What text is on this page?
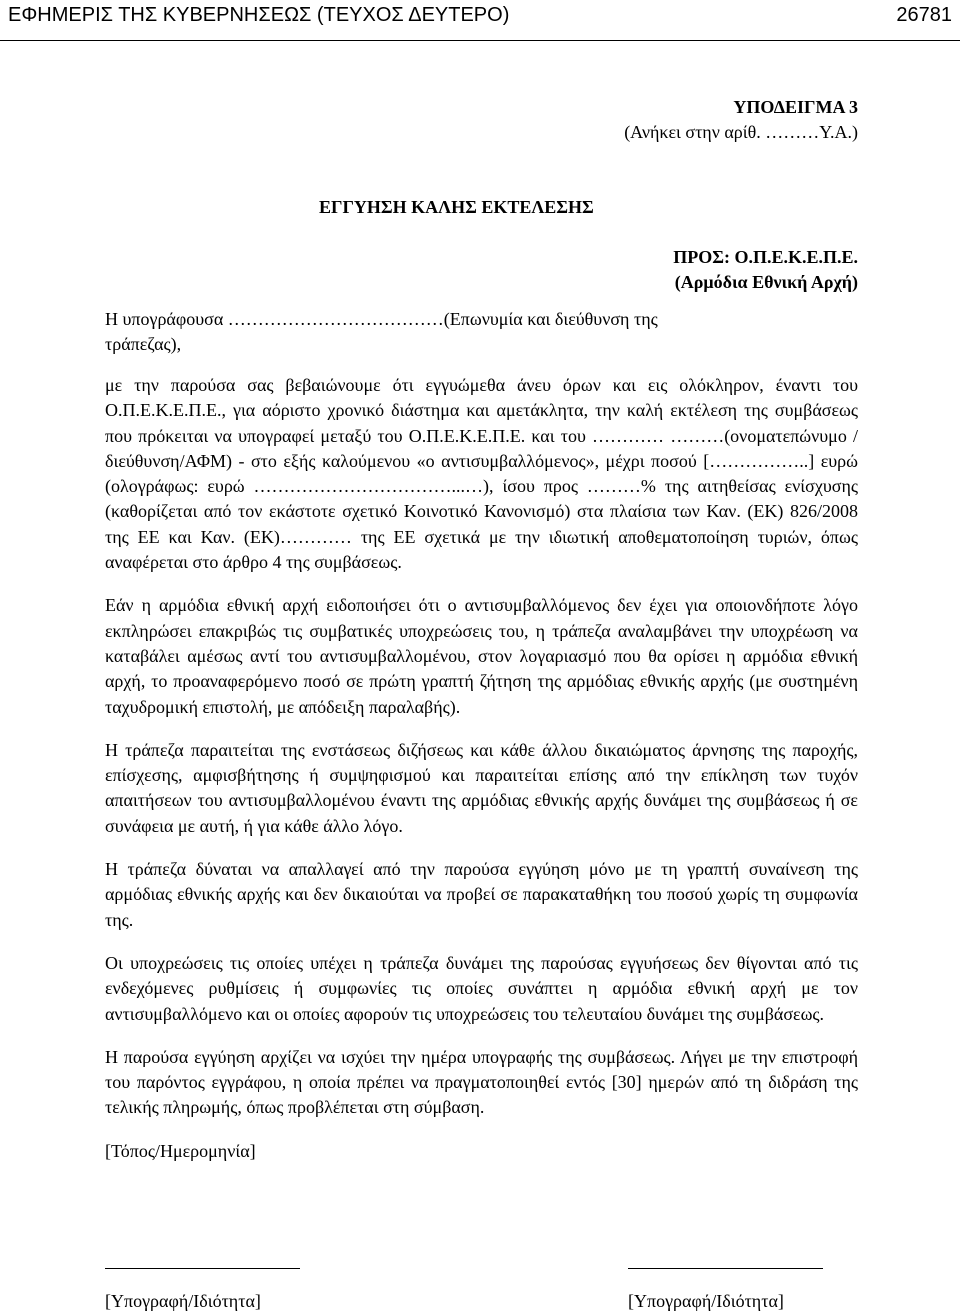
ΕΦΗΜΕΡΙΣ ΤΗΣ ΚΥΒΕΡΝΗΣΕΩΣ (ΤΕΥΧΟΣ ΔΕΥΤΕΡΟ)	26781
ΥΠΟΔΕΙΓΜΑ 3
(Ανήκει στην αρίθ. ………Υ.Α.)
ΕΓΓΥΗΣΗ ΚΑΛΗΣ ΕΚΤΕΛΕΣΗΣ
ΠΡΟΣ: Ο.Π.Ε.Κ.Ε.Π.Ε.
(Αρμόδια Εθνική Αρχή)
Η υπογράφουσα ………………………………(Επωνυμία και διεύθυνση της
τράπεζας),

με την παρούσα σας βεβαιώνουμε ότι εγγυώμεθα άνευ όρων και εις ολόκληρον, έναντι του Ο.Π.Ε.Κ.Ε.Π.Ε., για αόριστο χρονικό διάστημα και αμετάκλητα, την καλή εκτέλεση της συμβάσεως που πρόκειται να υπογραφεί μεταξύ του Ο.Π.Ε.Κ.Ε.Π.Ε. και του ………… ………(ονοματεπώνυμο / διεύθυνση/ΑΦΜ) - στο εξής καλούμενου «ο αντισυμβαλλόμενος», μέχρι ποσού [……………..] ευρώ (ολογράφως: ευρώ ……………………………...…), ίσου προς ………% της αιτηθείσας ενίσχυσης (καθορίζεται από τον εκάστοτε σχετικό Κοινοτικό Κανονισμό) στα πλαίσια των Καν. (ΕΚ) 826/2008 της ΕΕ και Καν. (ΕΚ)………… της ΕΕ σχετικά με την ιδιωτική αποθεματοποίηση τυριών, όπως αναφέρεται στο άρθρο 4 της συμβάσεως.

Εάν η αρμόδια εθνική αρχή ειδοποιήσει ότι ο αντισυμβαλλόμενος δεν έχει για οποιονδήποτε λόγο εκπληρώσει επακριβώς τις συμβατικές υποχρεώσεις του, η τράπεζα αναλαμβάνει την υποχρέωση να καταβάλει αμέσως αντί του αντισυμβαλλομένου, στον λογαριασμό που θα ορίσει η αρμόδια εθνική αρχή, το προαναφερόμενο ποσό σε πρώτη γραπτή ζήτηση της αρμόδιας εθνικής αρχής (με συστημένη ταχυδρομική επιστολή, με απόδειξη παραλαβής).

Η τράπεζα παραιτείται της ενστάσεως διζήσεως και κάθε άλλου δικαιώματος άρνησης της παροχής, επίσχεσης, αμφισβήτησης ή συμψηφισμού και παραιτείται επίσης από την επίκληση των τυχόν απαιτήσεων του αντισυμβαλλομένου έναντι της αρμόδιας εθνικής αρχής δυνάμει της συμβάσεως ή σε συνάφεια με αυτή, ή για κάθε άλλο λόγο.

Η τράπεζα δύναται να απαλλαγεί από την παρούσα εγγύηση μόνο με τη γραπτή συναίνεση της αρμόδιας εθνικής αρχής και δεν δικαιούται να προβεί σε παρακαταθήκη του ποσού χωρίς τη συμφωνία της.

Οι υποχρεώσεις τις οποίες υπέχει η τράπεζα δυνάμει της παρούσας εγγυήσεως δεν θίγονται από τις ενδεχόμενες ρυθμίσεις ή συμφωνίες τις οποίες συνάπτει η αρμόδια εθνική αρχή με τον αντισυμβαλλόμενο και οι οποίες αφορούν τις υποχρεώσεις του τελευταίου δυνάμει της συμβάσεως.

Η παρούσα εγγύηση αρχίζει να ισχύει την ημέρα υπογραφής της συμβάσεως. Λήγει με την επιστροφή του παρόντος εγγράφου, η οποία πρέπει να πραγματοποιηθεί εντός [30] ημερών από τη διδράση της τελικής πληρωμής, όπως προβλέπεται στη σύμβαση.

[Τόπος/Ημερομηνία]
[Υπογραφή/Ιδιότητα]	[Υπογραφή/Ιδιότητα]
